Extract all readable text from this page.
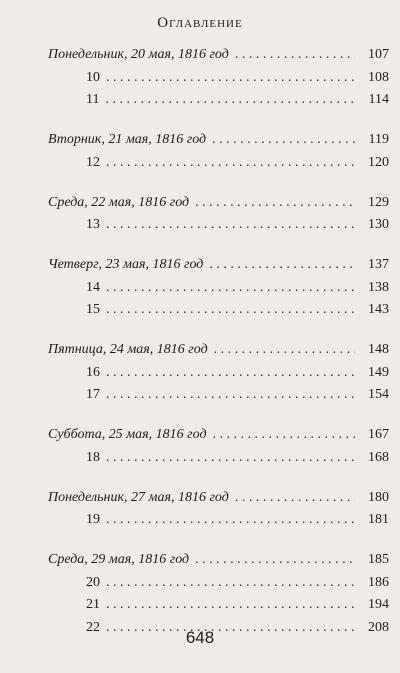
Оглавление
Понедельник, 20 мая, 1816 год . . .	107
10 . . .	108
11 . . .	114
Вторник, 21 мая, 1816 год . . .	119
12 . . .	120
Среда, 22 мая, 1816 год . . .	129
13 . . .	130
Четверг, 23 мая, 1816 год . . .	137
14 . . .	138
15 . . .	143
Пятница, 24 мая, 1816 год . . .	148
16 . . .	149
17 . . .	154
Суббота, 25 мая, 1816 год . . .	167
18 . . .	168
Понедельник, 27 мая, 1816 год . . .	180
19 . . .	181
Среда, 29 мая, 1816 год . . .	185
20 . . .	186
21 . . .	194
22 . . .	208
648
